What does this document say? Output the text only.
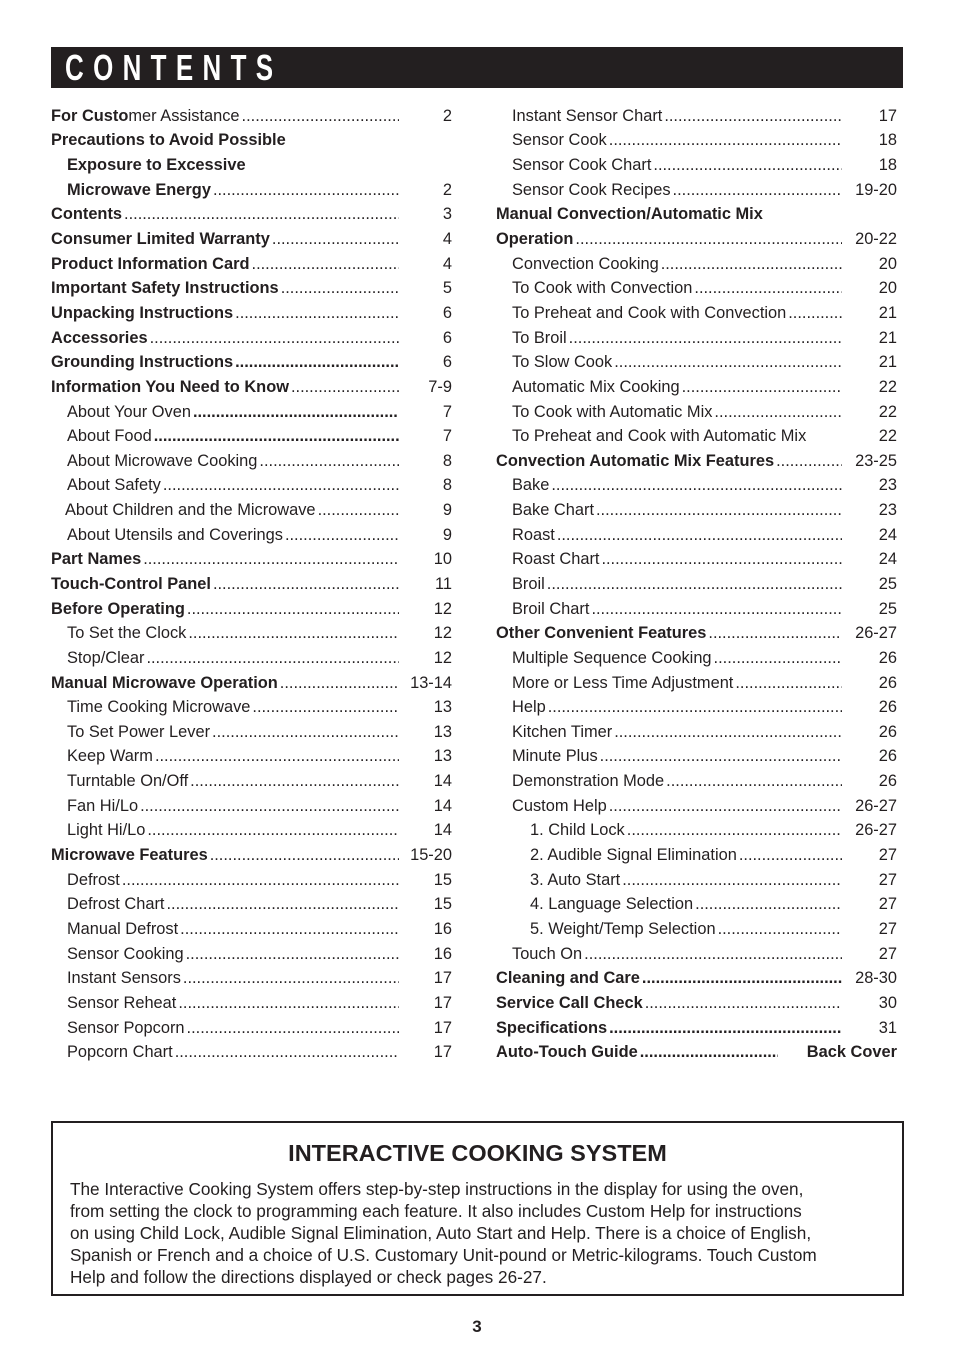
CONTENTS
For Customer Assistance .....	2
Precautions to Avoid Possible
Exposure to Excessive
Microwave Energy .....	2
Contents .....	3
Consumer Limited Warranty .....	4
Product Information Card .....	4
Important Safety Instructions .....	5
Unpacking Instructions .....	6
Accessories .....	6
Grounding Instructions .....	6
Information You Need to Know .....	7-9
About Your Oven .....	7
About Food .....	7
About Microwave Cooking .....	8
About Safety .....	8
About Children and the Microwave .....	9
About Utensils and Coverings .....	9
Part Names .....	10
Touch-Control Panel .....	11
Before Operating .....	12
To Set the Clock .....	12
Stop/Clear .....	12
Manual Microwave Operation .....	13-14
Time Cooking Microwave .....	13
To Set Power Lever .....	13
Keep Warm .....	13
Turntable On/Off .....	14
Fan Hi/Lo .....	14
Light Hi/Lo .....	14
Microwave Features .....	15-20
Defrost .....	15
Defrost Chart .....	15
Manual Defrost .....	16
Sensor Cooking .....	16
Instant Sensors .....	17
Sensor Reheat .....	17
Sensor Popcorn .....	17
Popcorn Chart .....	17
Instant Sensor Chart .....	17
Sensor Cook .....	18
Sensor Cook Chart .....	18
Sensor Cook Recipes .....	19-20
Manual Convection/Automatic Mix
Operation .....	20-22
Convection Cooking .....	20
To Cook with Convection .....	20
To Preheat and Cook with Convection .....	21
To Broil .....	21
To Slow Cook .....	21
Automatic Mix Cooking .....	22
To Cook with Automatic Mix .....	22
To Preheat and Cook with Automatic Mix	22
Convection Automatic Mix Features .....	23-25
Bake .....	23
Bake Chart .....	23
Roast .....	24
Roast Chart .....	24
Broil .....	25
Broil Chart .....	25
Other Convenient Features .....	26-27
Multiple Sequence Cooking .....	26
More or Less Time Adjustment .....	26
Help .....	26
Kitchen Timer .....	26
Minute Plus .....	26
Demonstration Mode .....	26
Custom Help .....	26-27
1. Child Lock .....	26-27
2. Audible Signal Elimination .....	27
3. Auto Start .....	27
4. Language Selection .....	27
5. Weight/Temp Selection .....	27
Touch On .....	27
Cleaning and Care .....	28-30
Service Call Check .....	30
Specifications .....	31
Auto-Touch Guide .....	Back Cover
INTERACTIVE COOKING SYSTEM
The Interactive Cooking System offers step-by-step instructions in the display for using the oven,
from setting the clock to programming each feature. It also includes Custom Help for instructions
on using Child Lock, Audible Signal Elimination, Auto Start and Help. There is a choice of English,
Spanish or French and a choice of U.S. Customary Unit-pound or Metric-kilograms. Touch Custom
Help and follow the directions displayed or check pages 26-27.
3
